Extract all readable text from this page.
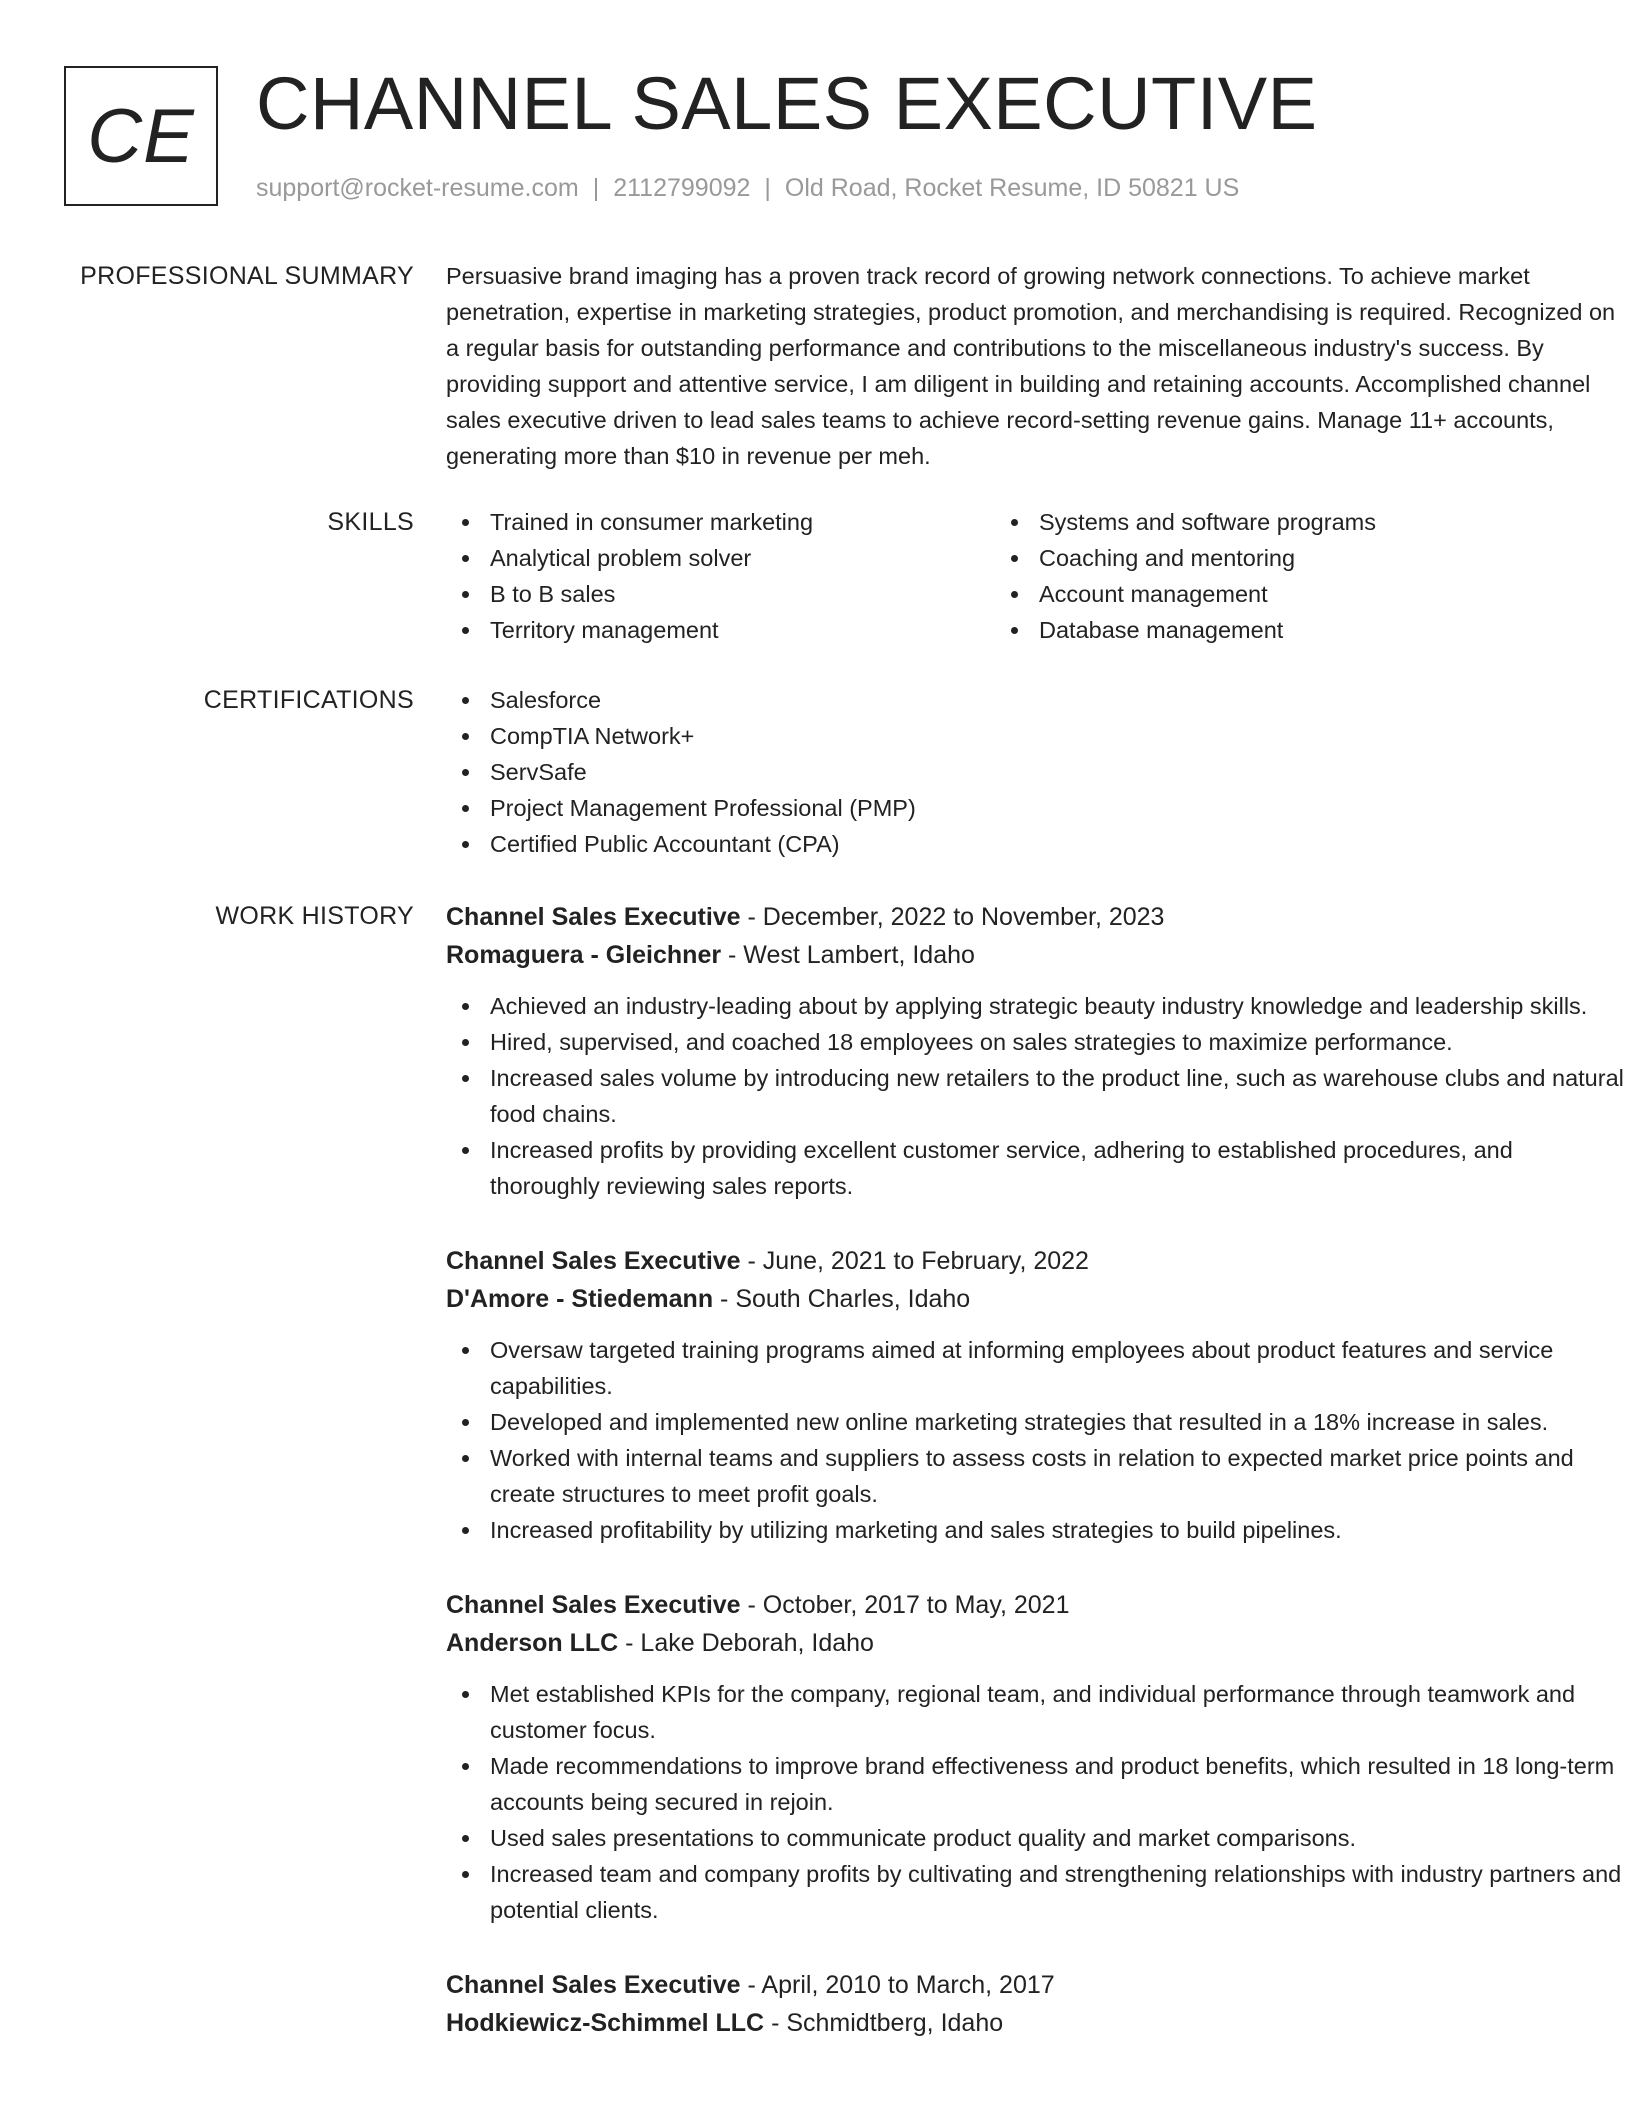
CE CHANNEL SALES EXECUTIVE
support@rocket-resume.com | 2112799092 | Old Road, Rocket Resume, ID 50821 US
PROFESSIONAL SUMMARY Persuasive brand imaging has a proven track record of growing network connections. To achieve market penetration, expertise in marketing strategies, product promotion, and merchandising is required. Recognized on a regular basis for outstanding performance and contributions to the miscellaneous industry's success. By providing support and attentive service, I am diligent in building and retaining accounts. Accomplished channel sales executive driven to lead sales teams to achieve record-setting revenue gains. Manage 11+ accounts, generating more than $10 in revenue per meh.

SKILLS	Trained in consumer marketing
Analytical problem solver
B to B sales
Territory management
Systems and software programs
Coaching and mentoring
Account management
Database management
CERTIFICATIONS	Salesforce
CompTIA Network+
ServSafe
Project Management Professional (PMP)
Certified Public Accountant (CPA)
WORK HISTORY Channel Sales Executive - December, 2022 to November, 2023
Romaguera - Gleichner - West Lambert, Idaho
Achieved an industry-leading about by applying strategic beauty industry knowledge and leadership skills.
Hired, supervised, and coached 18 employees on sales strategies to maximize performance.
Increased sales volume by introducing new retailers to the product line, such as warehouse clubs and natural food chains.
Increased profits by providing excellent customer service, adhering to established procedures, and thoroughly reviewing sales reports.
Channel Sales Executive - June, 2021 to February, 2022
D'Amore - Stiedemann - South Charles, Idaho
Oversaw targeted training programs aimed at informing employees about product features and service capabilities.
Developed and implemented new online marketing strategies that resulted in a 18% increase in sales.
Worked with internal teams and suppliers to assess costs in relation to expected market price points and create structures to meet profit goals.
Increased profitability by utilizing marketing and sales strategies to build pipelines.
Channel Sales Executive - October, 2017 to May, 2021
Anderson LLC - Lake Deborah, Idaho
Met established KPIs for the company, regional team, and individual performance through teamwork and customer focus.
Made recommendations to improve brand effectiveness and product benefits, which resulted in 18 long-term accounts being secured in rejoin.
Used sales presentations to communicate product quality and market comparisons.
Increased team and company profits by cultivating and strengthening relationships with industry partners and potential clients.
Channel Sales Executive - April, 2010 to March, 2017
Hodkiewicz-Schimmel LLC - Schmidtberg, Idaho
